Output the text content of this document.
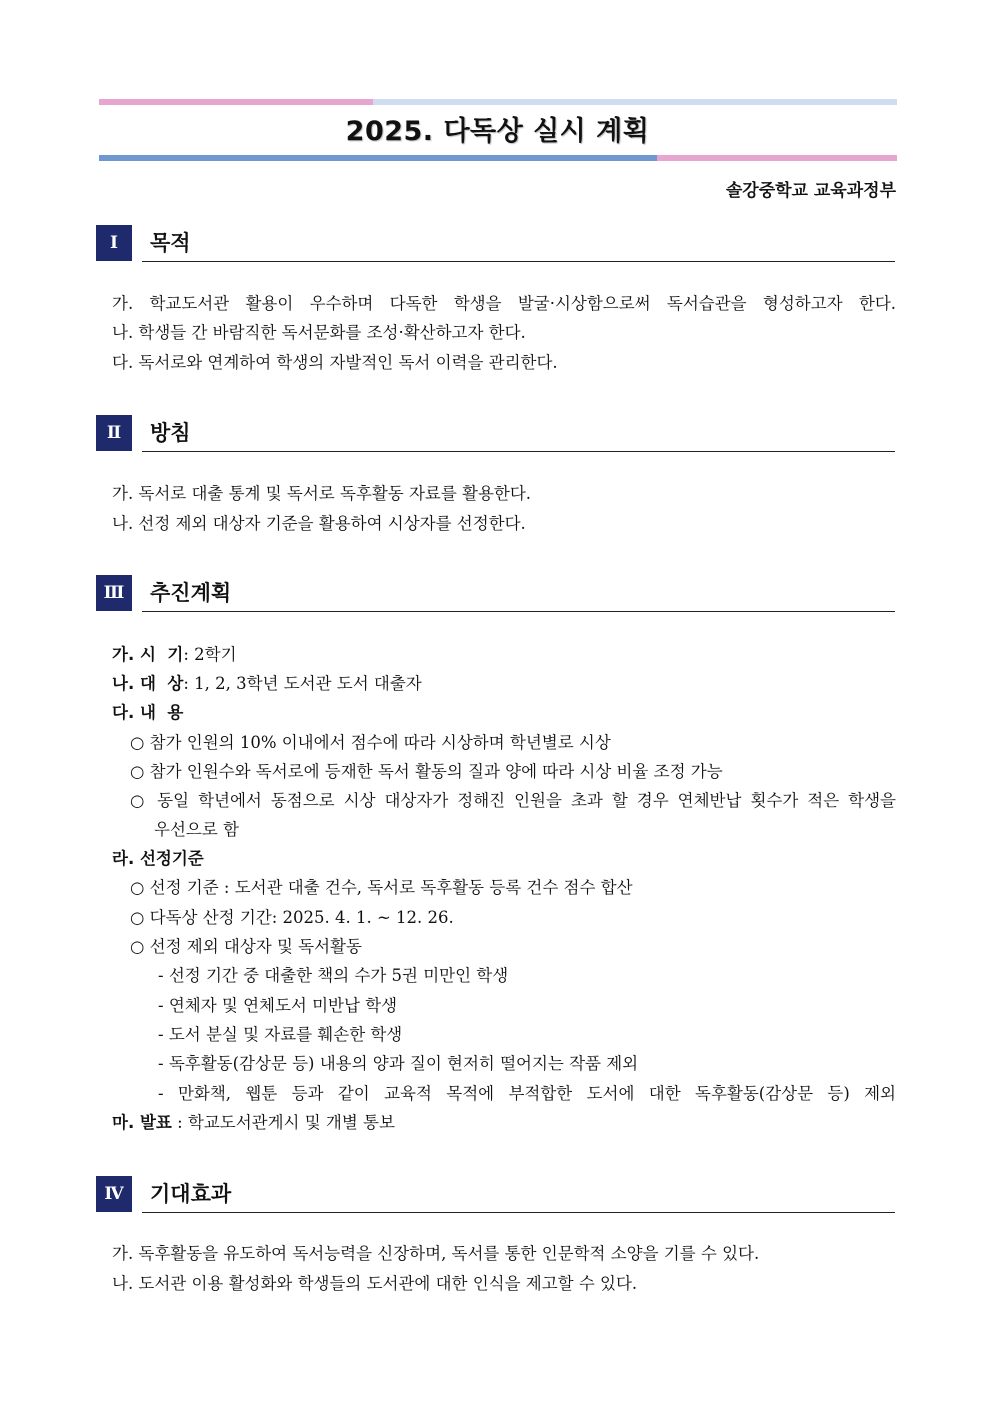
2025. 다독상 실시 계획
솔강중학교 교육과정부
Ⅰ	목적
가. 학교도서관 활용이 우수하며 다독한 학생을 발굴·시상함으로써 독서습관을 형성하고자 한다.
나. 학생들 간 바람직한 독서문화를 조성·확산하고자 한다.
다. 독서로와 연계하여 학생의 자발적인 독서 이력을 관리한다.
Ⅱ	방침
가. 독서로 대출 통계 및 독서로 독후활동 자료를 활용한다.
나. 선정 제외 대상자 기준을 활용하여 시상자를 선정한다.
Ⅲ	추진계획
가. 시  기: 2학기
나. 대  상: 1, 2, 3학년 도서관 도서 대출자
다. 내  용
○ 참가 인원의 10% 이내에서 점수에 따라 시상하며 학년별로 시상
○ 참가 인원수와 독서로에 등재한 독서 활동의 질과 양에 따라 시상 비율 조정 가능
○ 동일 학년에서 동점으로 시상 대상자가 정해진 인원을 초과 할 경우 연체반납 횟수가 적은 학생을
우선으로 함
라. 선정기준
○ 선정 기준 : 도서관 대출 건수, 독서로 독후활동 등록 건수 점수 합산
○ 다독상 산정 기간: 2025. 4. 1. ~ 12. 26.
○ 선정 제외 대상자 및 독서활동
- 선정 기간 중 대출한 책의 수가 5권 미만인 학생
- 연체자 및 연체도서 미반납 학생
- 도서 분실 및 자료를 훼손한 학생
- 독후활동(감상문 등) 내용의 양과 질이 현저히 떨어지는 작품 제외
- 만화책, 웹툰 등과 같이 교육적 목적에 부적합한 도서에 대한 독후활동(감상문 등) 제외
마. 발표 : 학교도서관게시 및 개별 통보
Ⅳ	기대효과
가. 독후활동을 유도하여 독서능력을 신장하며, 독서를 통한 인문학적 소양을 기를 수 있다.
나. 도서관 이용 활성화와 학생들의 도서관에 대한 인식을 제고할 수 있다.
